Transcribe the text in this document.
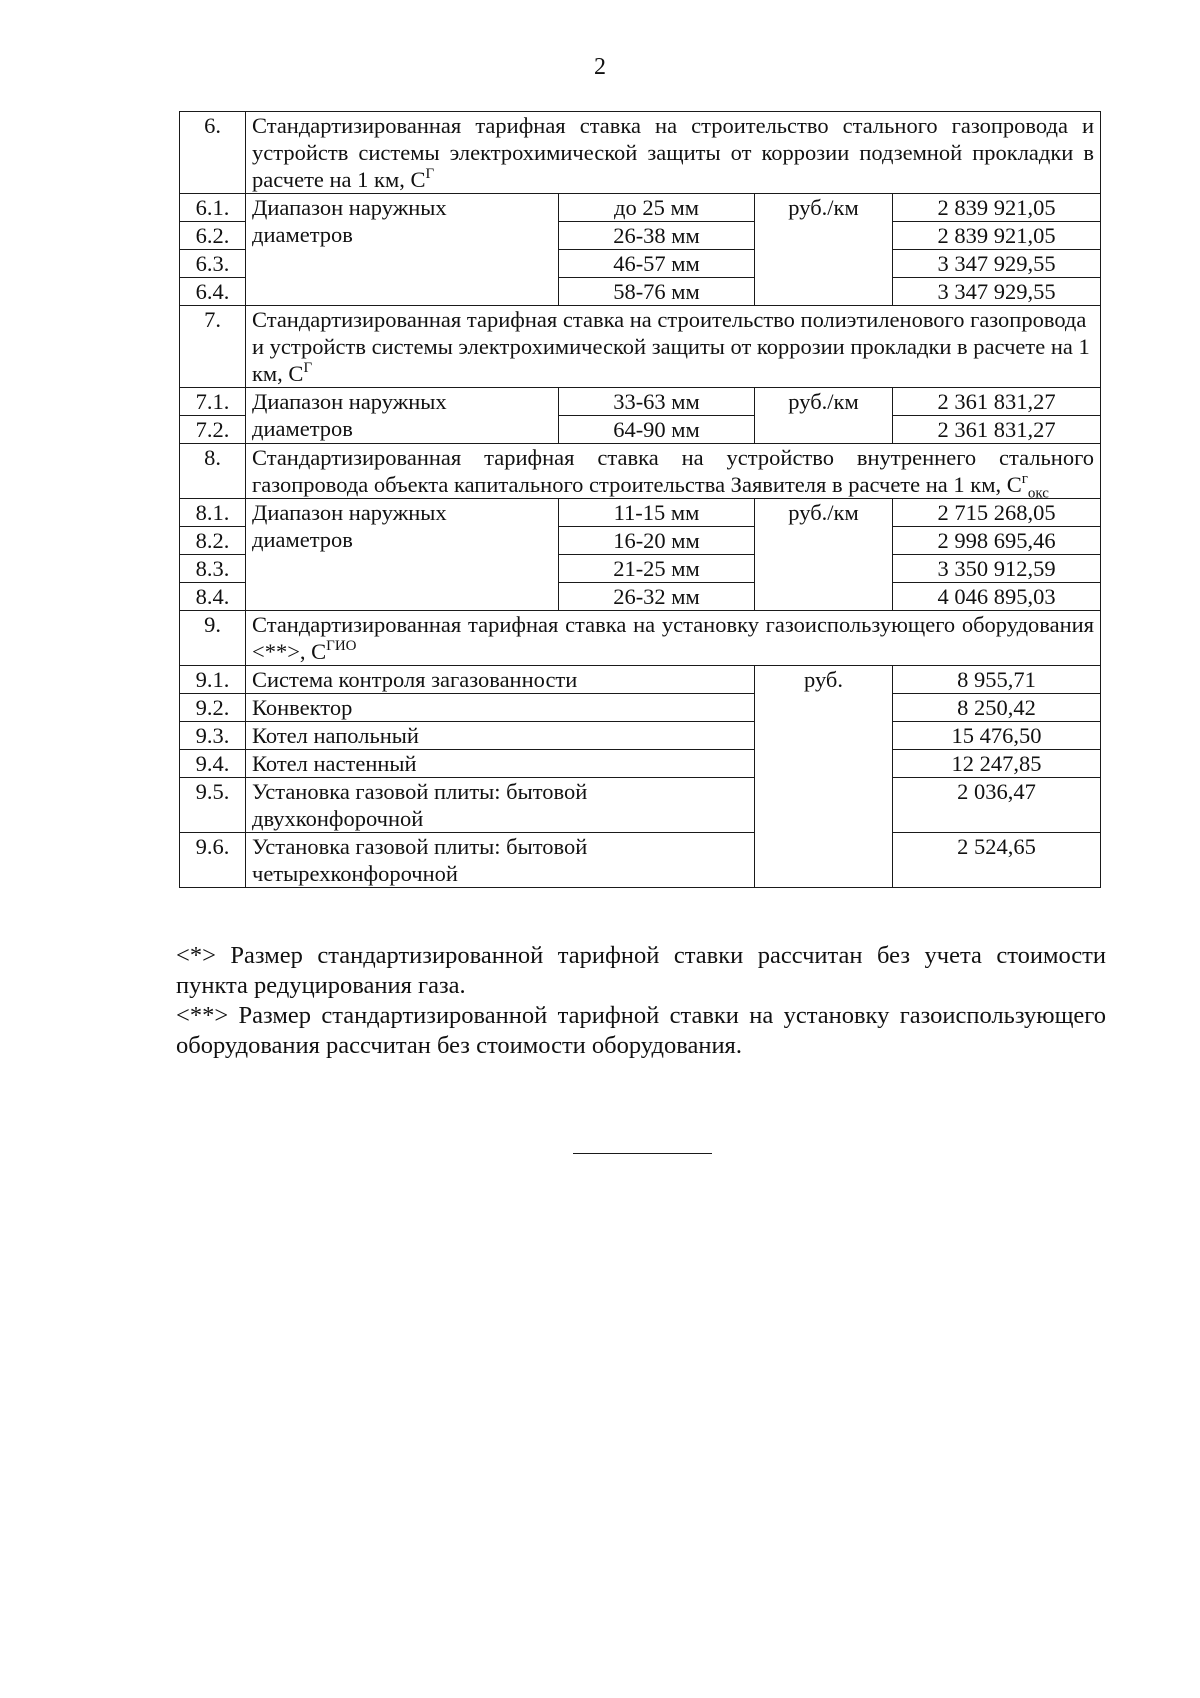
2
6.	Стандартизированная тарифная ставка на строительство стального газопровода и устройств системы электрохимической защиты от коррозии подземной прокладки в расчете на 1 км, $С^Г$
6.1.	Диапазон наружных диаметров	до 25 мм	руб./км	2 839 921,05
6.2.		26-38 мм		2 839 921,05
6.3.		46-57 мм		3 347 929,55
6.4.		58-76 мм		3 347 929,55
7.	Стандартизированная тарифная ставка на строительство полиэтиленового газопровода и устройств системы электрохимической защиты от коррозии прокладки в расчете на 1 км, $С^Г$
7.1.	Диапазон наружных диаметров	33-63 мм	руб./км	2 361 831,27
7.2.		64-90 мм		2 361 831,27
8.	Стандартизированная тарифная ставка на устройство внутреннего стального газопровода объекта капитального строительства Заявителя в расчете на 1 км, $С^г_{окс}$
8.1.	Диапазон наружных диаметров	11-15 мм	руб./км	2 715 268,05
8.2.		16-20 мм		2 998 695,46
8.3.		21-25 мм		3 350 912,59
8.4.		26-32 мм		4 046 895,03
9.	Стандартизированная тарифная ставка на установку газоиспользующего оборудования <**>, $С^{ГИО}$
9.1.	Система контроля загазованности		руб.	8 955,71
9.2.	Конвектор			8 250,42
9.3.	Котел напольный			15 476,50
9.4.	Котел настенный			12 247,85
9.5.	Установка газовой плиты: бытовой двухконфорочной			2 036,47
9.6.	Установка газовой плиты: бытовой четырехконфорочной			2 524,65

<*> Размер стандартизированной тарифной ставки рассчитан без учета стоимости пункта редуцирования газа.

<**> Размер стандартизированной тарифной ставки на установку газоиспользующего оборудования рассчитан без стоимости оборудования.
